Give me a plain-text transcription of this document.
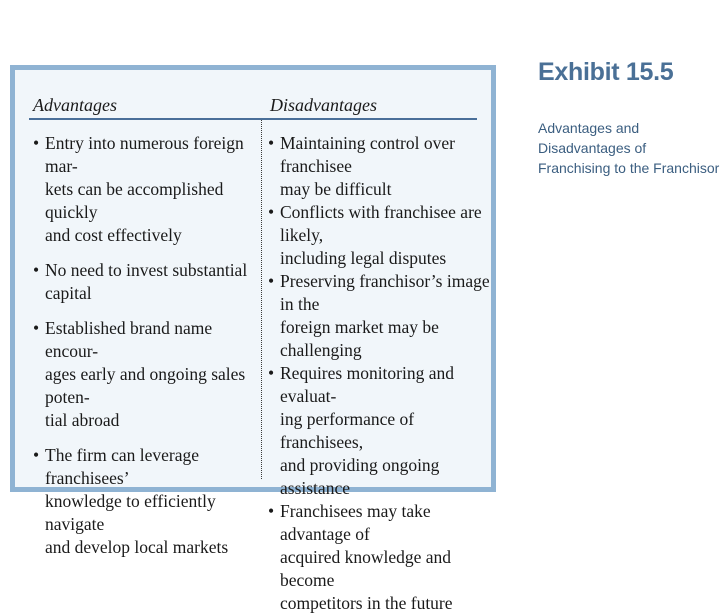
Advantages	Disadvantages
• Entry into numerous foreign mar-
kets can be accomplished quickly
and cost effectively
• No need to invest substantial capital
• Established brand name encour-
ages early and ongoing sales poten-
tial abroad
• The firm can leverage franchisees’
knowledge to efficiently navigate
and develop local markets
• Maintaining control over franchisee
may be difficult
• Conflicts with franchisee are likely,
including legal disputes
• Preserving franchisor’s image in the
foreign market may be challenging
• Requires monitoring and evaluat-
ing performance of franchisees,
and providing ongoing assistance
• Franchisees may take advantage of
acquired knowledge and become
competitors in the future
Exhibit 15.5
Advantages and Disadvantages of
Franchising to the Franchisor
